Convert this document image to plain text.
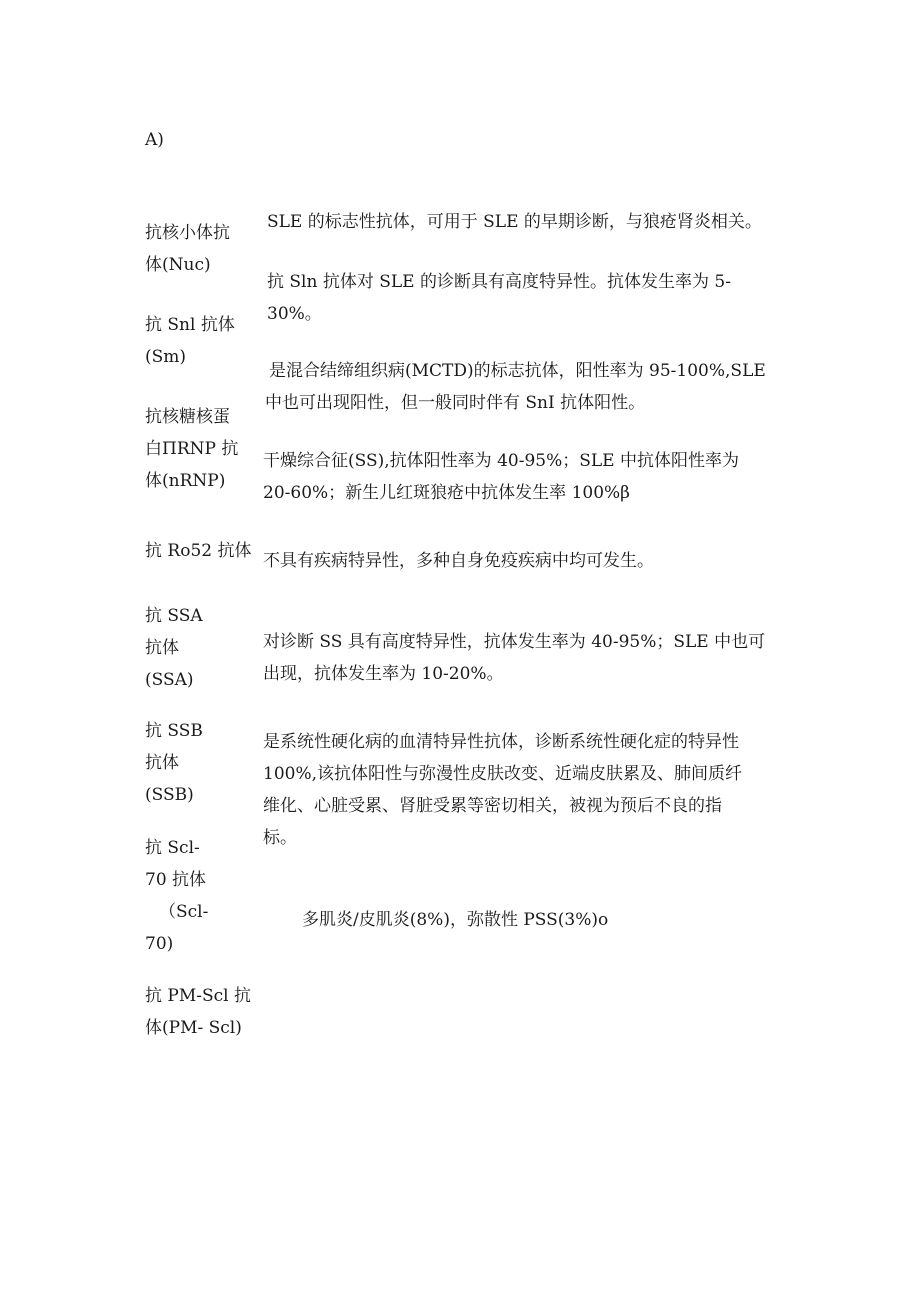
A)

抗核小体抗
体(Nuc)
抗 Snl 抗体
(Sm)
抗核糖核蛋
白ΠRNP 抗
体(nRNP)
抗 Ro52 抗体
抗 SSA
抗体
(SSA)
抗 SSB
抗体
(SSB)
抗 Scl-
70 抗体
（Scl-
70)
抗 PM-Scl 抗
体(PM- Scl)
SLE 的标志性抗体，可用于 SLE 的早期诊断，与狼疮肾炎相关。
抗 Sln 抗体对 SLE 的诊断具有高度特异性。抗体发生率为 5-
30%。
是混合结缔组织病(MCTD)的标志抗体，阳性率为 95-100%,SLE
中也可出现阳性，但一般同时伴有 SnI 抗体阳性。
干燥综合征(SS),抗体阳性率为 40-95%；SLE 中抗体阳性率为
20-60%；新生儿红斑狼疮中抗体发生率 100%β
不具有疾病特异性，多种自身免疫疾病中均可发生。
对诊断 SS 具有高度特异性，抗体发生率为 40-95%；SLE 中也可
出现，抗体发生率为 10-20%。
是系统性硬化病的血清特异性抗体，诊断系统性硬化症的特异性
100%,该抗体阳性与弥漫性皮肤改变、近端皮肤累及、肺间质纤
维化、心脏受累、肾脏受累等密切相关，被视为预后不良的指
标。
多肌炎/皮肌炎(8%)，弥散性 PSS(3%)o
